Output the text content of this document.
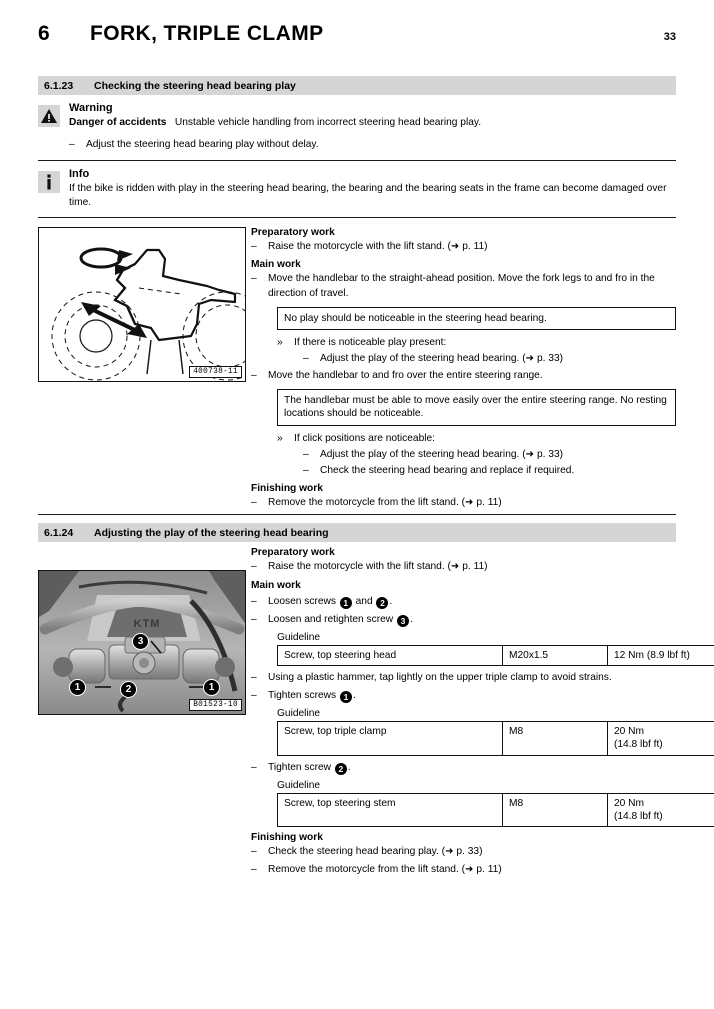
6	FORK, TRIPLE CLAMP	33
6.1.23	Checking the steering head bearing play
Warning
Danger of accidents Unstable vehicle handling from incorrect steering head bearing play.
–	Adjust the steering head bearing play without delay.
Info
If the bike is ridden with play in the steering head bearing, the bearing and the bearing seats in the frame can become damaged over time.
400738-11
Preparatory work
–	Raise the motorcycle with the lift stand. (➜ p. 11)
Main work
–	Move the handlebar to the straight-ahead position. Move the fork legs to and fro in the direction of travel.
No play should be noticeable in the steering head bearing.
»	If there is noticeable play present:
–	Adjust the play of the steering head bearing. (➜ p. 33)
–	Move the handlebar to and fro over the entire steering range.
The handlebar must be able to move easily over the entire steering range. No resting locations should be noticeable.
»	If click positions are noticeable:
–	Adjust the play of the steering head bearing. (➜ p. 33)
–	Check the steering head bearing and replace if required.
Finishing work
–	Remove the motorcycle from the lift stand. (➜ p. 11)
6.1.24	Adjusting the play of the steering head bearing
KTM
3
1	2	1
B01523-10
Preparatory work
–	Raise the motorcycle with the lift stand. (➜ p. 11)
Main work
–	Loosen screws 1 and 2 .
–	Loosen and retighten screw 3 .
Guideline
Screw, top steering head	M20x1.5	12 Nm (8.9 lbf ft)
–	Using a plastic hammer, tap lightly on the upper triple clamp to avoid strains.
–	Tighten screws 1 .
Guideline
Screw, top triple clamp	M8	20 Nm
(14.8 lbf ft)
–	Tighten screw 2 .
Guideline
Screw, top steering stem	M8	20 Nm
(14.8 lbf ft)
Finishing work
–	Check the steering head bearing play. (➜ p. 33)
–	Remove the motorcycle from the lift stand. (➜ p. 11)
